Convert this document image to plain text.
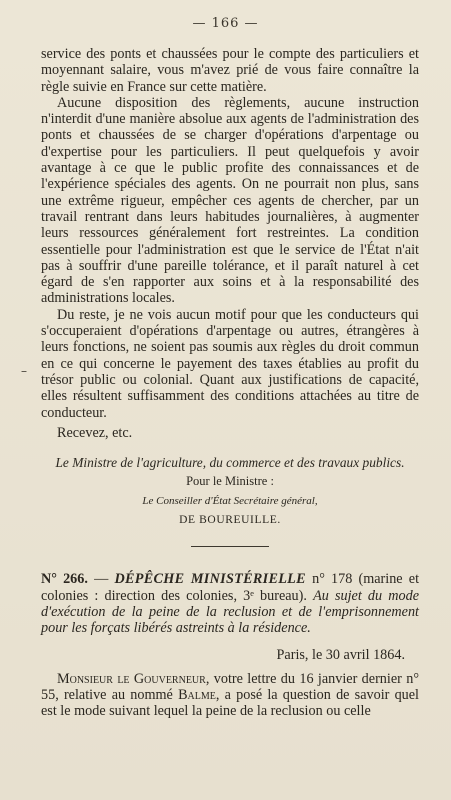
— 166 —
–

service des ponts et chaussées pour le compte des particuliers et moyennant salaire, vous m'avez prié de vous faire connaître la règle suivie en France sur cette matière.

Aucune disposition des règlements, aucune instruction n'interdit d'une manière absolue aux agents de l'administration des ponts et chaussées de se charger d'opérations d'arpentage ou d'expertise pour les particuliers. Il peut quelquefois y avoir avantage à ce que le public profite des connaissances et de l'expérience spéciales des agents. On ne pourrait non plus, sans une extrême rigueur, empêcher ces agents de chercher, par un travail rentrant dans leurs habitudes journalières, à augmenter leurs ressources généralement fort restreintes. La condition essentielle pour l'administration est que le service de l'État n'ait pas à souffrir d'une pareille tolérance, et il paraît naturel à cet égard de s'en rapporter aux soins et à la responsabilité des administrations locales.

Du reste, je ne vois aucun motif pour que les conducteurs qui s'occuperaient d'opérations d'arpentage ou autres, étrangères à leurs fonctions, ne soient pas soumis aux règles du droit commun en ce qui concerne le payement des taxes établies au profit du trésor public ou colonial. Quant aux justifications de capacité, elles résultent suffisamment des conditions attachées au titre de conducteur.

Recevez, etc.

Le Ministre de l'agriculture, du commerce et des travaux publics.
Pour le Ministre :
Le Conseiller d'État Secrétaire général,
DE BOUREUILLE.

N° 266. — DÉPÊCHE MINISTÉRIELLE n° 178 (marine et colonies : direction des colonies, 3ᵉ bureau). Au sujet du mode d'exécution de la peine de la reclusion et de l'emprisonnement pour les forçats libérés astreints à la résidence.

Paris, le 30 avril 1864.

Monsieur le Gouverneur, votre lettre du 16 janvier dernier n° 55, relative au nommé Balme, a posé la question de savoir quel est le mode suivant lequel la peine de la reclusion ou celle
